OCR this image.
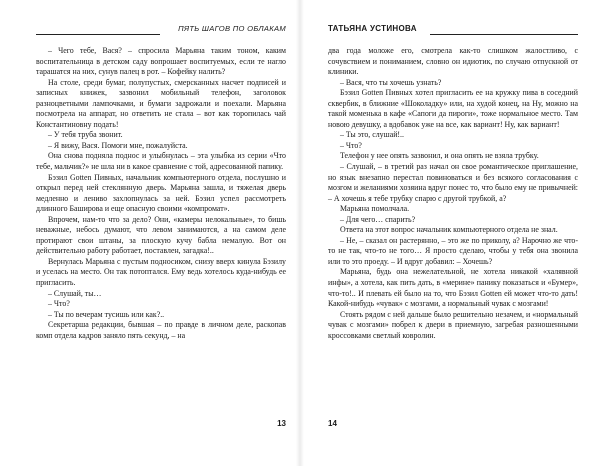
ПЯТЬ ШАГОВ ПО ОБЛАКАМ

– Чего тебе, Вася? – спросила Марьяна таким тоном, каким воспитательница в детском саду вопрошает воспитуемых, если те нагло тарашатся на них, сунув палец в рот. – Кофейку налить?

На столе, среди бумаг, полупустых, смерсканных насчет подписей и записных книжек, зазвонил мобильный телефон, заголовок разноцветными лампочками, и бумаги задрожали и поехали. Марьяна посмотрела на аппарат, но ответить не стала – вот как торопилась чай Константиновну подать!

– У тебя труба звонит.

– Я вижу, Вася. Помоги мне, пожалуйста.

Она снова подняла поднос и улыбнулась – эта улыбка из серии «Что тебе, мальчик?» не шла ни в какое сравнение с той, адресованной папику.

Бэзил Gotten Пивных, начальник компьютерного отдела, послушно и открыл перед ней стеклянную дверь. Марьяна зашла, и тяжелая дверь медленно и лениво захлопнулась за ней. Бэзил успел рассмотреть длинного Баширова и еще опасную своими «компромат».

Впрочем, нам-то что за дело? Они, «камеры нелокальные», то бишь неважные, небось думают, что левом занимаются, а на самом деле протирают свои штаны, за плоскую кучу бабла немалую. Вот он действительно работу работает, поставлен, загадка!..

Вернулась Марьяна с пустым подносиком, снизу вверх кинула Бэзилу и уселась на место. Он так потоптался. Ему ведь хотелось куда-нибудь ее пригласить.

– Слушай, ты…

– Что?

– Ты по вечерам тусишь или как?..

Секретарша редакции, бывшая – по правде в личном деле, раскопав комп отдела кадров заняло пять секунд, – на

13
ТАТЬЯНА УСТИНОВА

два года моложе его, смотрела как-то слишком жалостливо, с сочувствием и пониманием, словно он идиотик, по случаю отпускной от клиники.

– Вася, что ты хочешь узнать?

Бэзил Gotten Пивных хотел пригласить ее на кружку пива в соседний сквербик, в ближние «Шоколадку» или, на худой конец, на Ну, можно на такой моменька в кафе «Сапоги да пироги», тоже нормальное место. Там новою девушку, а вдобавок уже на все, как вариант! Ну, как вариант!

– Ты это, слушай!..

– Что?

Телефон у нее опять зазвонил, и она опять не взяла трубку.

– Слушай, – в третий раз начал он свое романтическое приглашение, но язык внезапно перестал повиноваться и без всякого согласования с мозгом и желаниями хозяина вдруг понес то, что было ему не привычней: – А хочешь я тебе трубку спарю с другой трубкой, а?

Марьяна помолчала.

– Для чего… спарить?

Ответа на этот вопрос начальник компьютерного отдела не знал.

– Не, – сказал он растерянно, – это же по приколу, а? Нарочно же что-то не так, что-то не того… Я просто сделаю, чтобы у тебя она звонила или то это проеду. – И вдруг добавил: – Хочешь?

Марьяна, будь она нежелательной, не хотела никакой «халявной инфы», а хотела, как пить дать, в «мерине» панику показаться и «Бумер», что-то!.. И плевать ей было на то, что Бэзил Gotten ей может что-то дать! Какой-нибудь «чувак» с мозгами, а нормальный чувак с мозгами!

Стоять рядом с ней дальше было решительно незачем, и «нормальный чувак с мозгами» побрел к двери в приемную, загребая разношенными кроссовками светлый ковролин.

14
